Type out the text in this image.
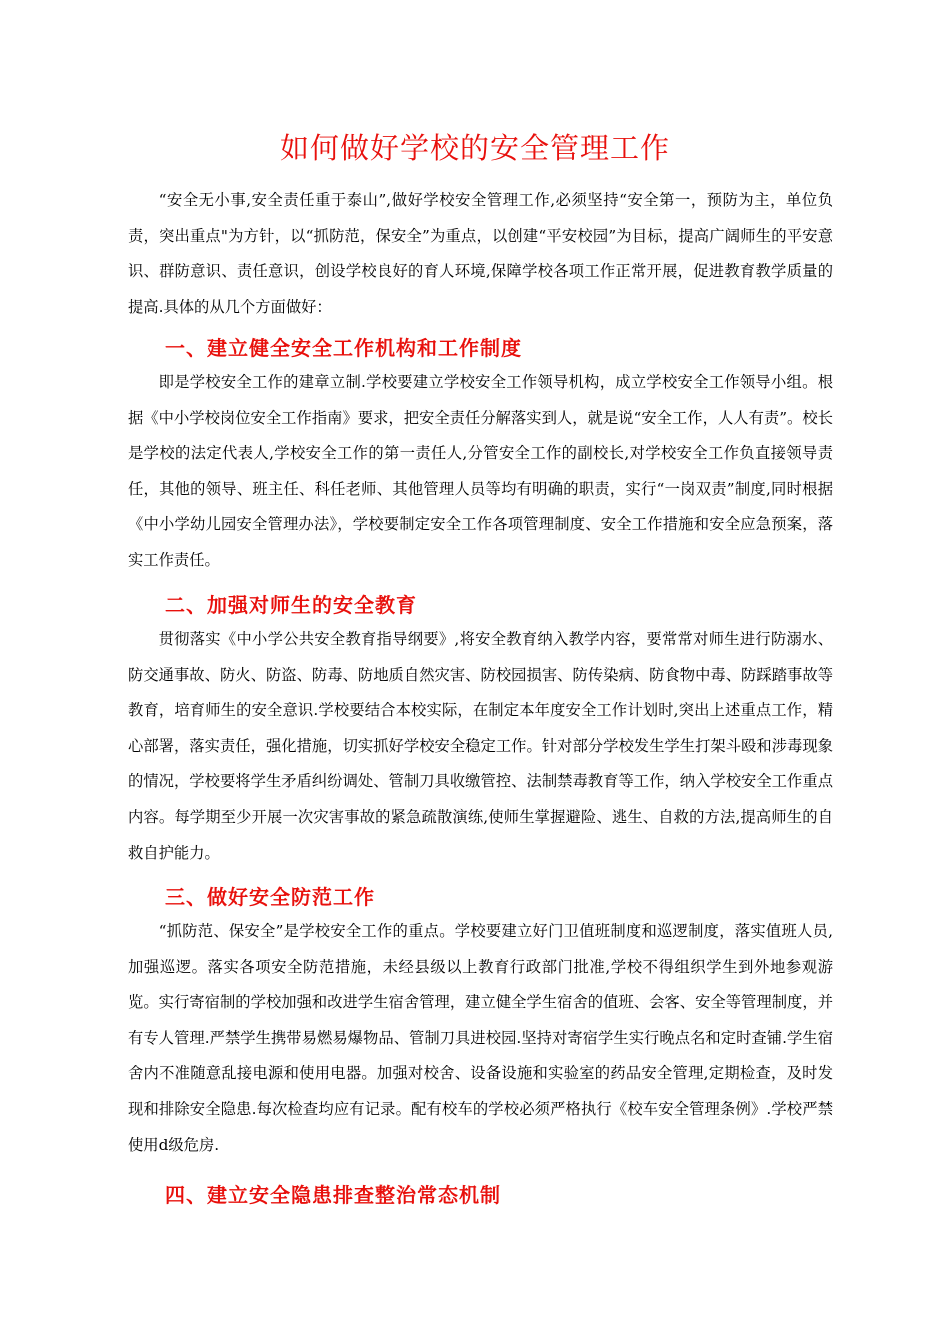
如何做好学校的安全管理工作

“安全无小事,安全责任重于泰山”,做好学校安全管理工作,必须坚持“安全第一，预防为主，单位负责，突出重点"为方针，以“抓防范，保安全”为重点，以创建“平安校园”为目标，提高广阔师生的平安意识、群防意识、责任意识，创设学校良好的育人环境,保障学校各项工作正常开展，促进教育教学质量的提高.具体的从几个方面做好：

一、建立健全安全工作机构和工作制度

即是学校安全工作的建章立制.学校要建立学校安全工作领导机构，成立学校安全工作领导小组。根据《中小学校岗位安全工作指南》要求，把安全责任分解落实到人，就是说“安全工作，人人有责”。校长是学校的法定代表人,学校安全工作的第一责任人,分管安全工作的副校长,对学校安全工作负直接领导责任，其他的领导、班主任、科任老师、其他管理人员等均有明确的职责，实行“一岗双责”制度,同时根据《中小学幼儿园安全管理办法》，学校要制定安全工作各项管理制度、安全工作措施和安全应急预案，落实工作责任。

二、加强对师生的安全教育

贯彻落实《中小学公共安全教育指导纲要》,将安全教育纳入教学内容，要常常对师生进行防溺水、防交通事故、防火、防盗、防毒、防地质自然灾害、防校园损害、防传染病、防食物中毒、防踩踏事故等教育，培育师生的安全意识.学校要结合本校实际，在制定本年度安全工作计划时,突出上述重点工作，精心部署，落实责任，强化措施，切实抓好学校安全稳定工作。针对部分学校发生学生打架斗殴和涉毒现象的情况，学校要将学生矛盾纠纷调处、管制刀具收缴管控、法制禁毒教育等工作，纳入学校安全工作重点内容。每学期至少开展一次灾害事故的紧急疏散演练,使师生掌握避险、逃生、自救的方法,提高师生的自救自护能力。

三、做好安全防范工作

“抓防范、保安全”是学校安全工作的重点。学校要建立好门卫值班制度和巡逻制度，落实值班人员,加强巡逻。落实各项安全防范措施，未经县级以上教育行政部门批准,学校不得组织学生到外地参观游览。实行寄宿制的学校加强和改进学生宿舍管理，建立健全学生宿舍的值班、会客、安全等管理制度，并有专人管理.严禁学生携带易燃易爆物品、管制刀具进校园.坚持对寄宿学生实行晚点名和定时查铺.学生宿舍内不准随意乱接电源和使用电器。加强对校舍、设备设施和实验室的药品安全管理,定期检查，及时发现和排除安全隐患.每次检查均应有记录。配有校车的学校必须严格执行《校车安全管理条例》.学校严禁使用d级危房.

四、建立安全隐患排查整治常态机制
